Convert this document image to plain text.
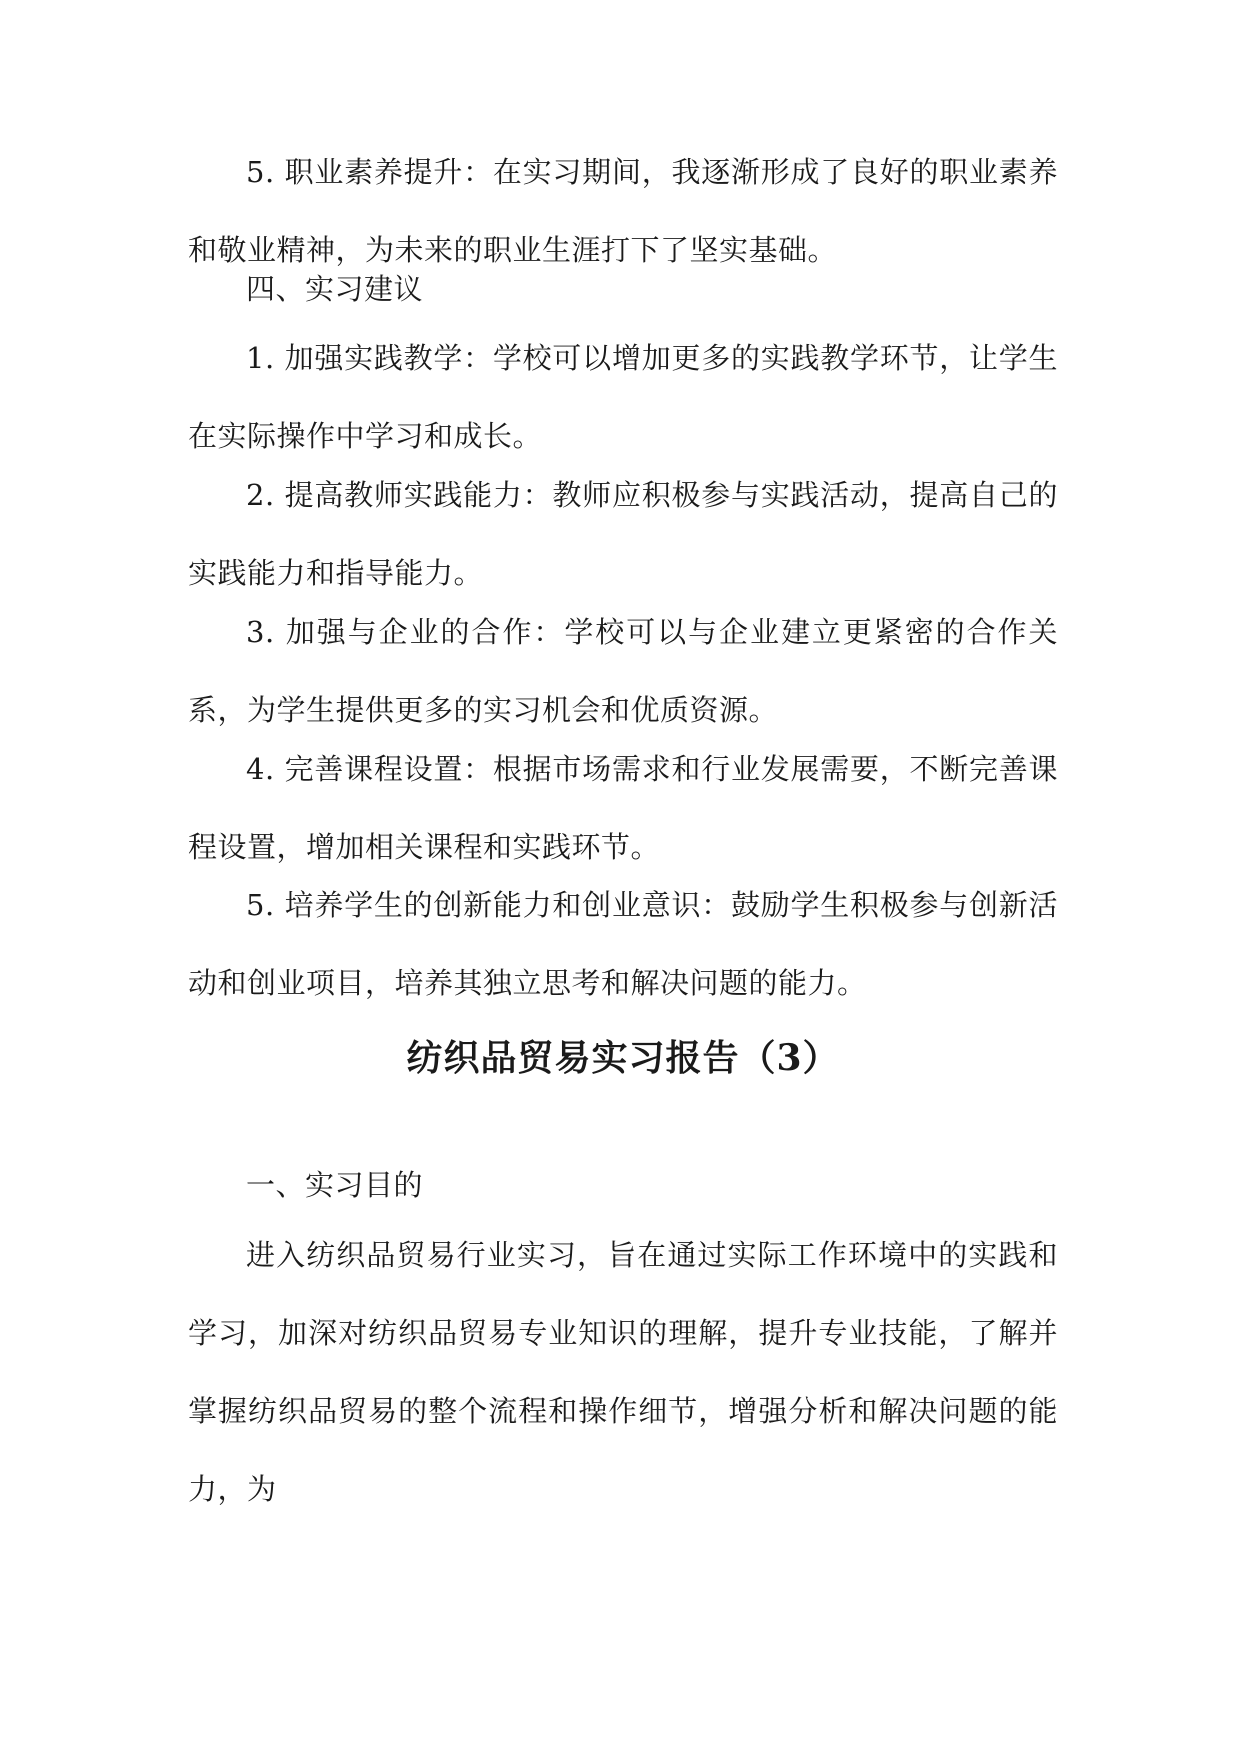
5. 职业素养提升：在实习期间，我逐渐形成了良好的职业素养和敬业精神，为未来的职业生涯打下了坚实基础。

四、实习建议

1. 加强实践教学：学校可以增加更多的实践教学环节，让学生在实际操作中学习和成长。

2. 提高教师实践能力：教师应积极参与实践活动，提高自己的实践能力和指导能力。

3. 加强与企业的合作：学校可以与企业建立更紧密的合作关系，为学生提供更多的实习机会和优质资源。

4. 完善课程设置：根据市场需求和行业发展需要，不断完善课程设置，增加相关课程和实践环节。

5. 培养学生的创新能力和创业意识：鼓励学生积极参与创新活动和创业项目，培养其独立思考和解决问题的能力。

纺织品贸易实习报告（3）

一、实习目的

进入纺织品贸易行业实习，旨在通过实际工作环境中的实践和学习，加深对纺织品贸易专业知识的理解，提升专业技能，了解并掌握纺织品贸易的整个流程和操作细节，增强分析和解决问题的能力，为
